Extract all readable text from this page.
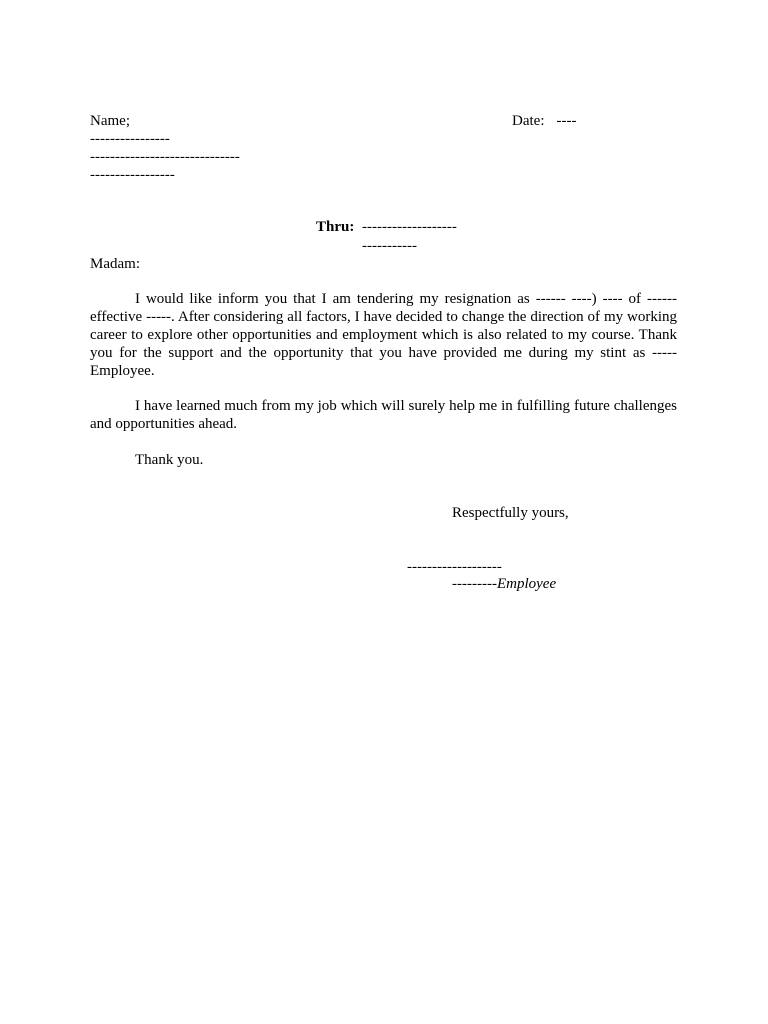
Date: ----

Name;
----------------
------------------------------
-----------------
Thru: -------------------
-----------
Madam:

I would like inform you that I am tendering my resignation as ------ ----) ---- of ------ effective -----. After considering all factors, I have decided to change the direction of my working career to explore other opportunities and employment which is also related to my course. Thank you for the support and the opportunity that you have provided me during my stint as ----- Employee.

I have learned much from my job which will surely help me in fulfilling future challenges and opportunities ahead.

Thank you.

Respectfully yours,
-------------------
---------Employee
